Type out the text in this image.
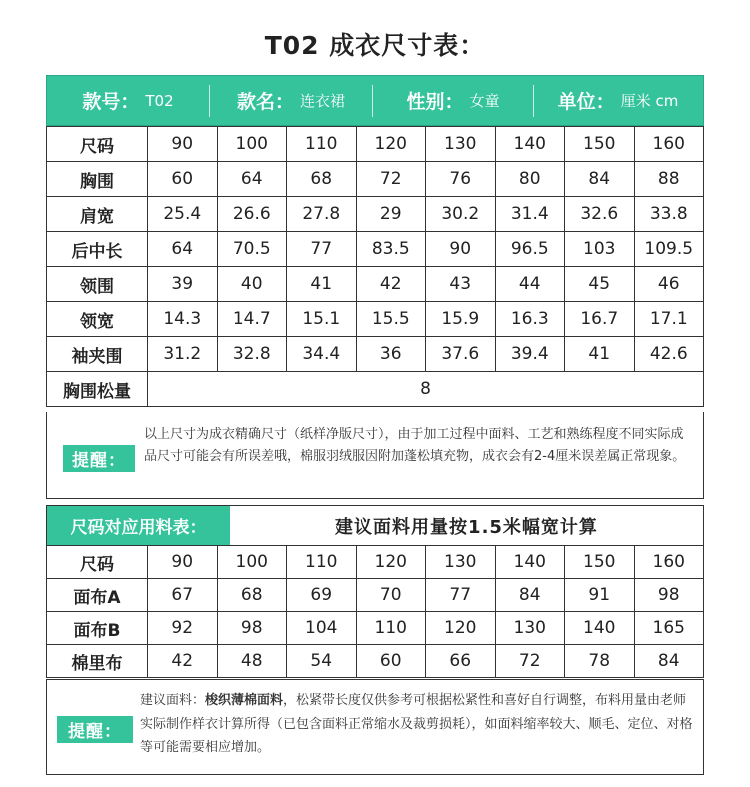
T02 成衣尺寸表：
款号： T02	款名： 连衣裙	性别： 女童	单位： 厘米 cm
尺码	90	100	110	120	130	140	150	160
胸围	60	64	68	72	76	80	84	88
肩宽	25.4	26.6	27.8	29	30.2	31.4	32.6	33.8
后中长	64	70.5	77	83.5	90	96.5	103	109.5
领围	39	40	41	42	43	44	45	46
领宽	14.3	14.7	15.1	15.5	15.9	16.3	16.7	17.1
袖夹围	31.2	32.8	34.4	36	37.6	39.4	41	42.6
胸围松量	8							
提醒：
以上尺寸为成衣精确尺寸（纸样净版尺寸），由于加工过程中面料、工艺和熟练程度不同实际成品尺寸可能会有所误差哦，棉服羽绒服因附加蓬松填充物，成衣会有2-4厘米误差属正常现象。
尺码对应用料表：	建议面料用量按1.5米幅宽计算
尺码	90	100	110	120	130	140	150	160
面布A	67	68	69	70	77	84	91	98
面布B	92	98	104	110	120	130	140	165
棉里布	42	48	54	60	66	72	78	84
提醒：
建议面料：梭织薄棉面料，松紧带长度仅供参考可根据松紧性和喜好自行调整，布料用量由老师实际制作样衣计算所得（已包含面料正常缩水及裁剪损耗），如面料缩率较大、顺毛、定位、对格等可能需要相应增加。
